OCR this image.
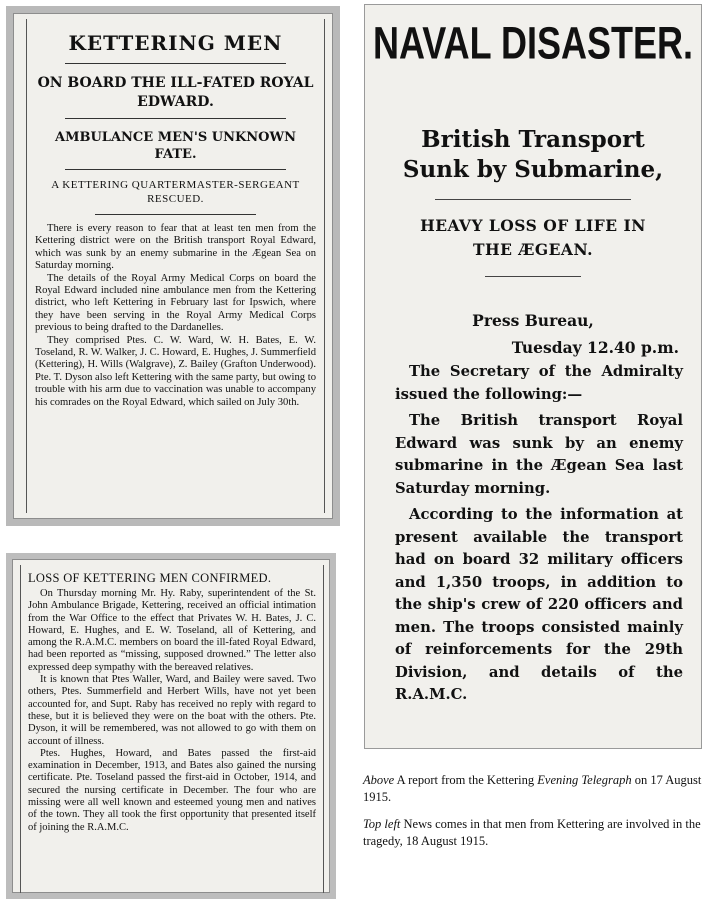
KETTERING MEN
ON BOARD THE ILL-FATED ROYAL EDWARD.
AMBULANCE MEN'S UNKNOWN FATE.
A KETTERING QUARTERMASTER-SERGEANT RESCUED.

There is every reason to fear that at least ten men from the Kettering district were on the British transport Royal Edward, which was sunk by an enemy submarine in the Ægean Sea on Saturday morning.

The details of the Royal Army Medical Corps on board the Royal Edward included nine ambulance men from the Kettering district, who left Kettering in February last for Ipswich, where they have been serving in the Royal Army Medical Corps previous to being drafted to the Dardanelles.

They comprised Ptes. C. W. Ward, W. H. Bates, E. W. Toseland, R. W. Walker, J. C. Howard, E. Hughes, J. Summerfield (Kettering), H. Wills (Walgrave), Z. Bailey (Grafton Underwood). Pte. T. Dyson also left Kettering with the same party, but owing to trouble with his arm due to vaccination was unable to accompany his comrades on the Royal Edward, which sailed on July 30th.

LOSS OF KETTERING MEN CONFIRMED.

On Thursday morning Mr. Hy. Raby, superintendent of the St. John Ambulance Brigade, Kettering, received an official intimation from the War Office to the effect that Privates W. H. Bates, J. C. Howard, E. Hughes, and E. W. Toseland, all of Kettering, and among the R.A.M.C. members on board the ill-fated Royal Edward, had been reported as “missing, supposed drowned.” The letter also expressed deep sympathy with the bereaved relatives.

It is known that Ptes Waller, Ward, and Bailey were saved. Two others, Ptes. Summerfield and Herbert Wills, have not yet been accounted for, and Supt. Raby has received no reply with regard to these, but it is believed they were on the boat with the others. Pte. Dyson, it will be remembered, was not allowed to go with them on account of illness.

Ptes. Hughes, Howard, and Bates passed the first-aid examination in December, 1913, and Bates also gained the nursing certificate. Pte. Toseland passed the first-aid in October, 1914, and secured the nursing certificate in December. The four who are missing were all well known and esteemed young men and natives of the town. They all took the first opportunity that presented itself of joining the R.A.M.C.

NAVAL DISASTER.
British Transport
Sunk by Submarine,
HEAVY LOSS OF LIFE IN
THE ÆGEAN.
Press Bureau,
Tuesday 12.40 p.m.

The Secretary of the Admiralty issued the following:—

The British transport Royal Edward was sunk by an enemy submarine in the Ægean Sea last Saturday morning.

According to the information at present available the transport had on board 32 military officers and 1,350 troops, in addition to the ship's crew of 220 officers and men. The troops consisted mainly of reinforcements for the 29th Division, and details of the R.A.M.C.

Above A report from the Kettering Evening Telegraph on 17 August 1915.

Top left News comes in that men from Kettering are involved in the tragedy, 18 August 1915.
